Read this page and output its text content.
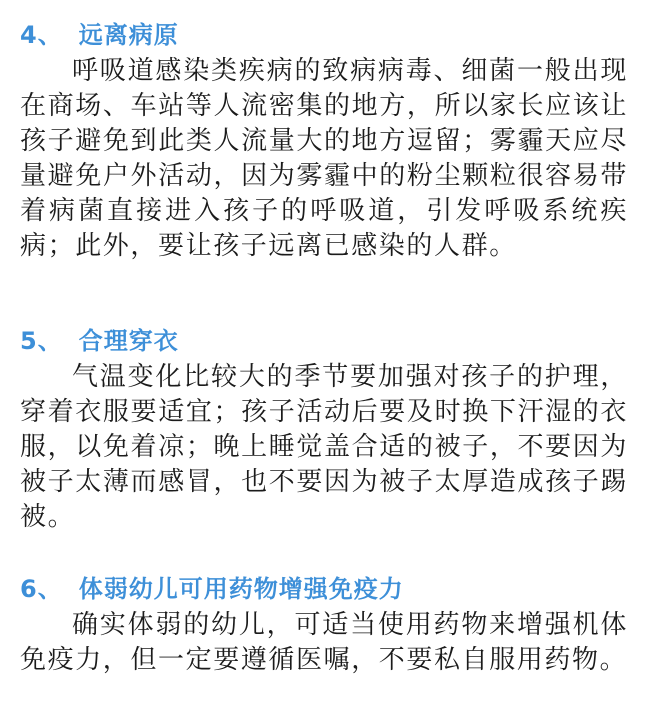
4、 远离病原

呼吸道感染类疾病的致病病毒、细菌一般出现在商场、车站等人流密集的地方，所以家长应该让孩子避免到此类人流量大的地方逗留；雾霾天应尽量避免户外活动，因为雾霾中的粉尘颗粒很容易带着病菌直接进入孩子的呼吸道，引发呼吸系统疾病；此外，要让孩子远离已感染的人群。

5、 合理穿衣

气温变化比较大的季节要加强对孩子的护理，穿着衣服要适宜；孩子活动后要及时换下汗湿的衣服，以免着凉；晚上睡觉盖合适的被子，不要因为被子太薄而感冒，也不要因为被子太厚造成孩子踢被。

6、 体弱幼儿可用药物增强免疫力

确实体弱的幼儿，可适当使用药物来增强机体免疫力，但一定要遵循医嘱，不要私自服用药物。
